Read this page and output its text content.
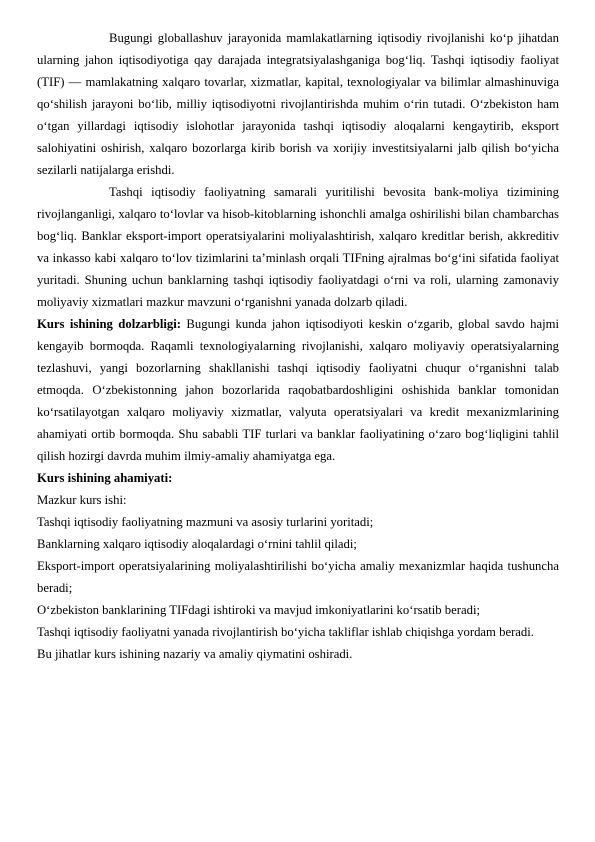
Bugungi globallashuv jarayonida mamlakatlarning iqtisodiy rivojlanishi ko‘p jihatdan ularning jahon iqtisodiyotiga qay darajada integratsiyalashganiga bog‘liq. Tashqi iqtisodiy faoliyat (TIF) — mamlakatning xalqaro tovarlar, xizmatlar, kapital, texnologiyalar va bilimlar almashinuviga qo‘shilish jarayoni bo‘lib, milliy iqtisodiyotni rivojlantirishda muhim o‘rin tutadi. O‘zbekiston ham o‘tgan yillardagi iqtisodiy islohotlar jarayonida tashqi iqtisodiy aloqalarni kengaytirib, eksport salohiyatini oshirish, xalqaro bozorlarga kirib borish va xorijiy investitsiyalarni jalb qilish bo‘yicha sezilarli natijalarga erishdi.

Tashqi iqtisodiy faoliyatning samarali yuritilishi bevosita bank-moliya tizimining rivojlanganligi, xalqaro to‘lovlar va hisob-kitoblarning ishonchli amalga oshirilishi bilan chambarchas bog‘liq. Banklar eksport-import operatsiyalarini moliyalashtirish, xalqaro kreditlar berish, akkreditiv va inkasso kabi xalqaro to‘lov tizimlarini ta’minlash orqali TIFning ajralmas bo‘g‘ini sifatida faoliyat yuritadi. Shuning uchun banklarning tashqi iqtisodiy faoliyatdagi o‘rni va roli, ularning zamonaviy moliyaviy xizmatlari mazkur mavzuni o‘rganishni yanada dolzarb qiladi.

Kurs ishining dolzarbligi: Bugungi kunda jahon iqtisodiyoti keskin o‘zgarib, global savdo hajmi kengayib bormoqda. Raqamli texnologiyalarning rivojlanishi, xalqaro moliyaviy operatsiyalarning tezlashuvi, yangi bozorlarning shakllanishi tashqi iqtisodiy faoliyatni chuqur o‘rganishni talab etmoqda. O‘zbekistonning jahon bozorlarida raqobatbardoshligini oshishida banklar tomonidan ko‘rsatilayotgan xalqaro moliyaviy xizmatlar, valyuta operatsiyalari va kredit mexanizmlarining ahamiyati ortib bormoqda. Shu sababli TIF turlari va banklar faoliyatining o‘zaro bog‘liqligini tahlil qilish hozirgi davrda muhim ilmiy-amaliy ahamiyatga ega.

Kurs ishining ahamiyati:

Mazkur kurs ishi:

Tashqi iqtisodiy faoliyatning mazmuni va asosiy turlarini yoritadi;

Banklarning xalqaro iqtisodiy aloqalardagi o‘rnini tahlil qiladi;

Eksport-import operatsiyalarining moliyalashtirilishi bo‘yicha amaliy mexanizmlar haqida tushuncha beradi;

O‘zbekiston banklarining TIFdagi ishtiroki va mavjud imkoniyatlarini ko‘rsatib beradi;

Tashqi iqtisodiy faoliyatni yanada rivojlantirish bo‘yicha takliflar ishlab chiqishga yordam beradi.

Bu jihatlar kurs ishining nazariy va amaliy qiymatini oshiradi.
